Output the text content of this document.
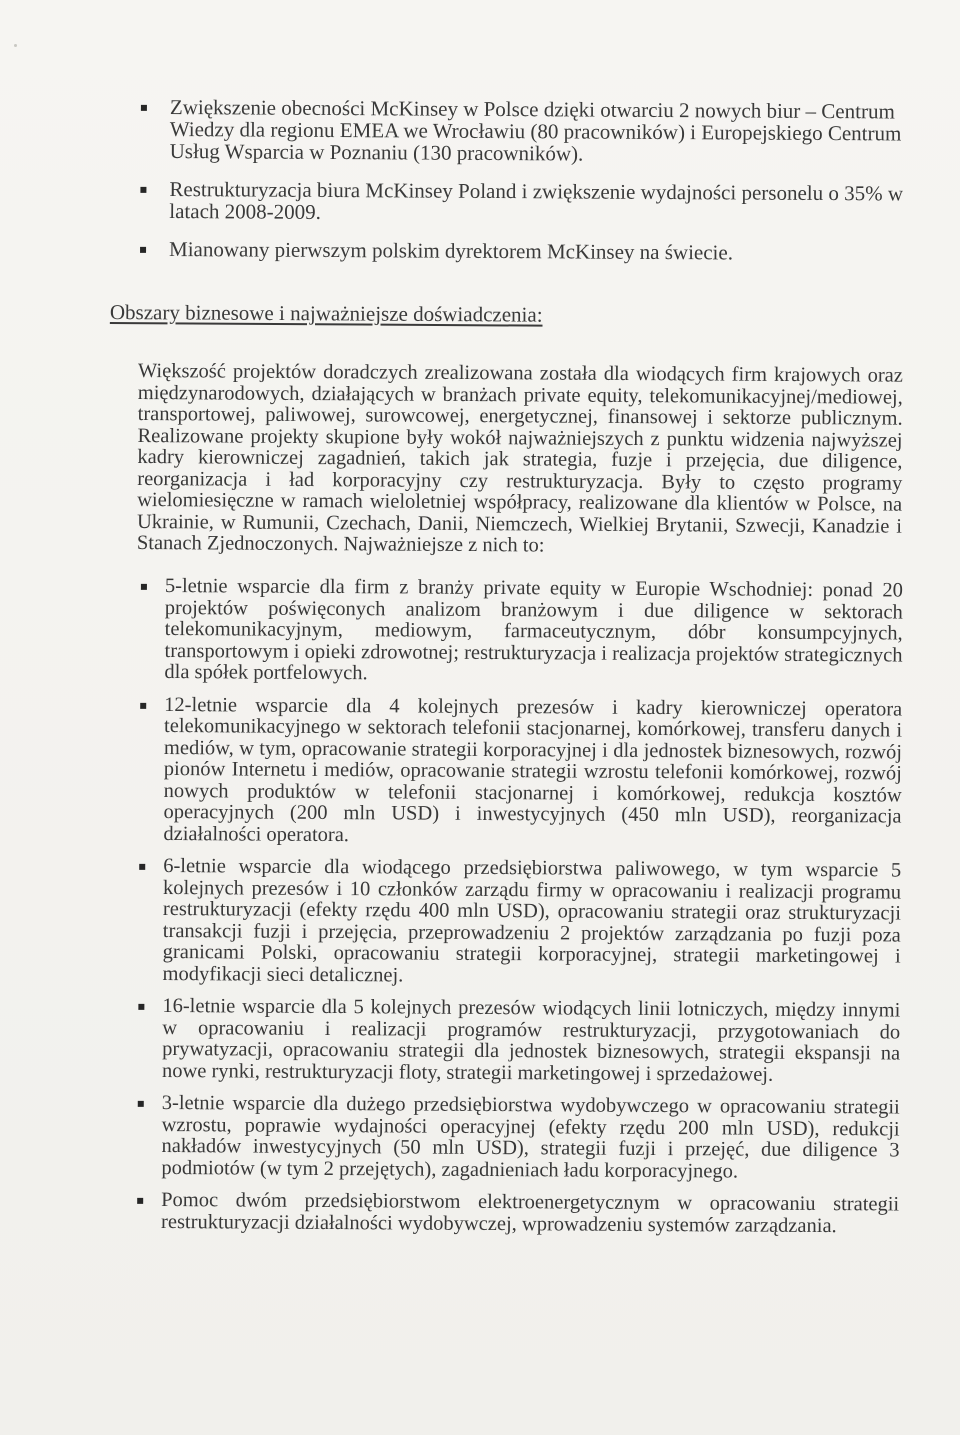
Zwiększenie obecności McKinsey w Polsce dzięki otwarciu 2 nowych biur – Centrum Wiedzy dla regionu EMEA we Wrocławiu (80 pracowników) i Europejskiego Centrum Usług Wsparcia w Poznaniu (130 pracowników).
Restrukturyzacja biura McKinsey Poland i zwiększenie wydajności personelu o 35% w latach 2008-2009.
Mianowany pierwszym polskim dyrektorem McKinsey na świecie.
Obszary biznesowe i najważniejsze doświadczenia:

Większość projektów doradczych zrealizowana została dla wiodących firm krajowych oraz międzynarodowych, działających w branżach private equity, telekomunikacyjnej/mediowej, transportowej, paliwowej, surowcowej, energetycznej, finansowej i sektorze publicznym. Realizowane projekty skupione były wokół najważniejszych z punktu widzenia najwyższej kadry kierowniczej zagadnień, takich jak strategia, fuzje i przejęcia, due diligence, reorganizacja i ład korporacyjny czy restrukturyzacja. Były to często programy wielomiesięczne w ramach wieloletniej współpracy, realizowane dla klientów w Polsce, na Ukrainie, w Rumunii, Czechach, Danii, Niemczech, Wielkiej Brytanii, Szwecji, Kanadzie i Stanach Zjednoczonych. Najważniejsze z nich to:

5-letnie wsparcie dla firm z branży private equity w Europie Wschodniej: ponad 20 projektów poświęconych analizom branżowym i due diligence w sektorach telekomunikacyjnym, mediowym, farmaceutycznym, dóbr konsumpcyjnych, transportowym i opieki zdrowotnej; restrukturyzacja i realizacja projektów strategicznych dla spółek portfelowych.
12-letnie wsparcie dla 4 kolejnych prezesów i kadry kierowniczej operatora telekomunikacyjnego w sektorach telefonii stacjonarnej, komórkowej, transferu danych i mediów, w tym, opracowanie strategii korporacyjnej i dla jednostek biznesowych, rozwój pionów Internetu i mediów, opracowanie strategii wzrostu telefonii komórkowej, rozwój nowych produktów w telefonii stacjonarnej i komórkowej, redukcja kosztów operacyjnych (200 mln USD) i inwestycyjnych (450 mln USD), reorganizacja działalności operatora.
6-letnie wsparcie dla wiodącego przedsiębiorstwa paliwowego, w tym wsparcie 5 kolejnych prezesów i 10 członków zarządu firmy w opracowaniu i realizacji programu restrukturyzacji (efekty rzędu 400 mln USD), opracowaniu strategii oraz strukturyzacji transakcji fuzji i przejęcia, przeprowadzeniu 2 projektów zarządzania po fuzji poza granicami Polski, opracowaniu strategii korporacyjnej, strategii marketingowej i modyfikacji sieci detalicznej.
16-letnie wsparcie dla 5 kolejnych prezesów wiodących linii lotniczych, między innymi w opracowaniu i realizacji programów restrukturyzacji, przygotowaniach do prywatyzacji, opracowaniu strategii dla jednostek biznesowych, strategii ekspansji na nowe rynki, restrukturyzacji floty, strategii marketingowej i sprzedażowej.
3-letnie wsparcie dla dużego przedsiębiorstwa wydobywczego w opracowaniu strategii wzrostu, poprawie wydajności operacyjnej (efekty rzędu 200 mln USD), redukcji nakładów inwestycyjnych (50 mln USD), strategii fuzji i przejęć, due diligence 3 podmiotów (w tym 2 przejętych), zagadnieniach ładu korporacyjnego.
Pomoc dwóm przedsiębiorstwom elektroenergetycznym w opracowaniu strategii restrukturyzacji działalności wydobywczej, wprowadzeniu systemów zarządzania.
